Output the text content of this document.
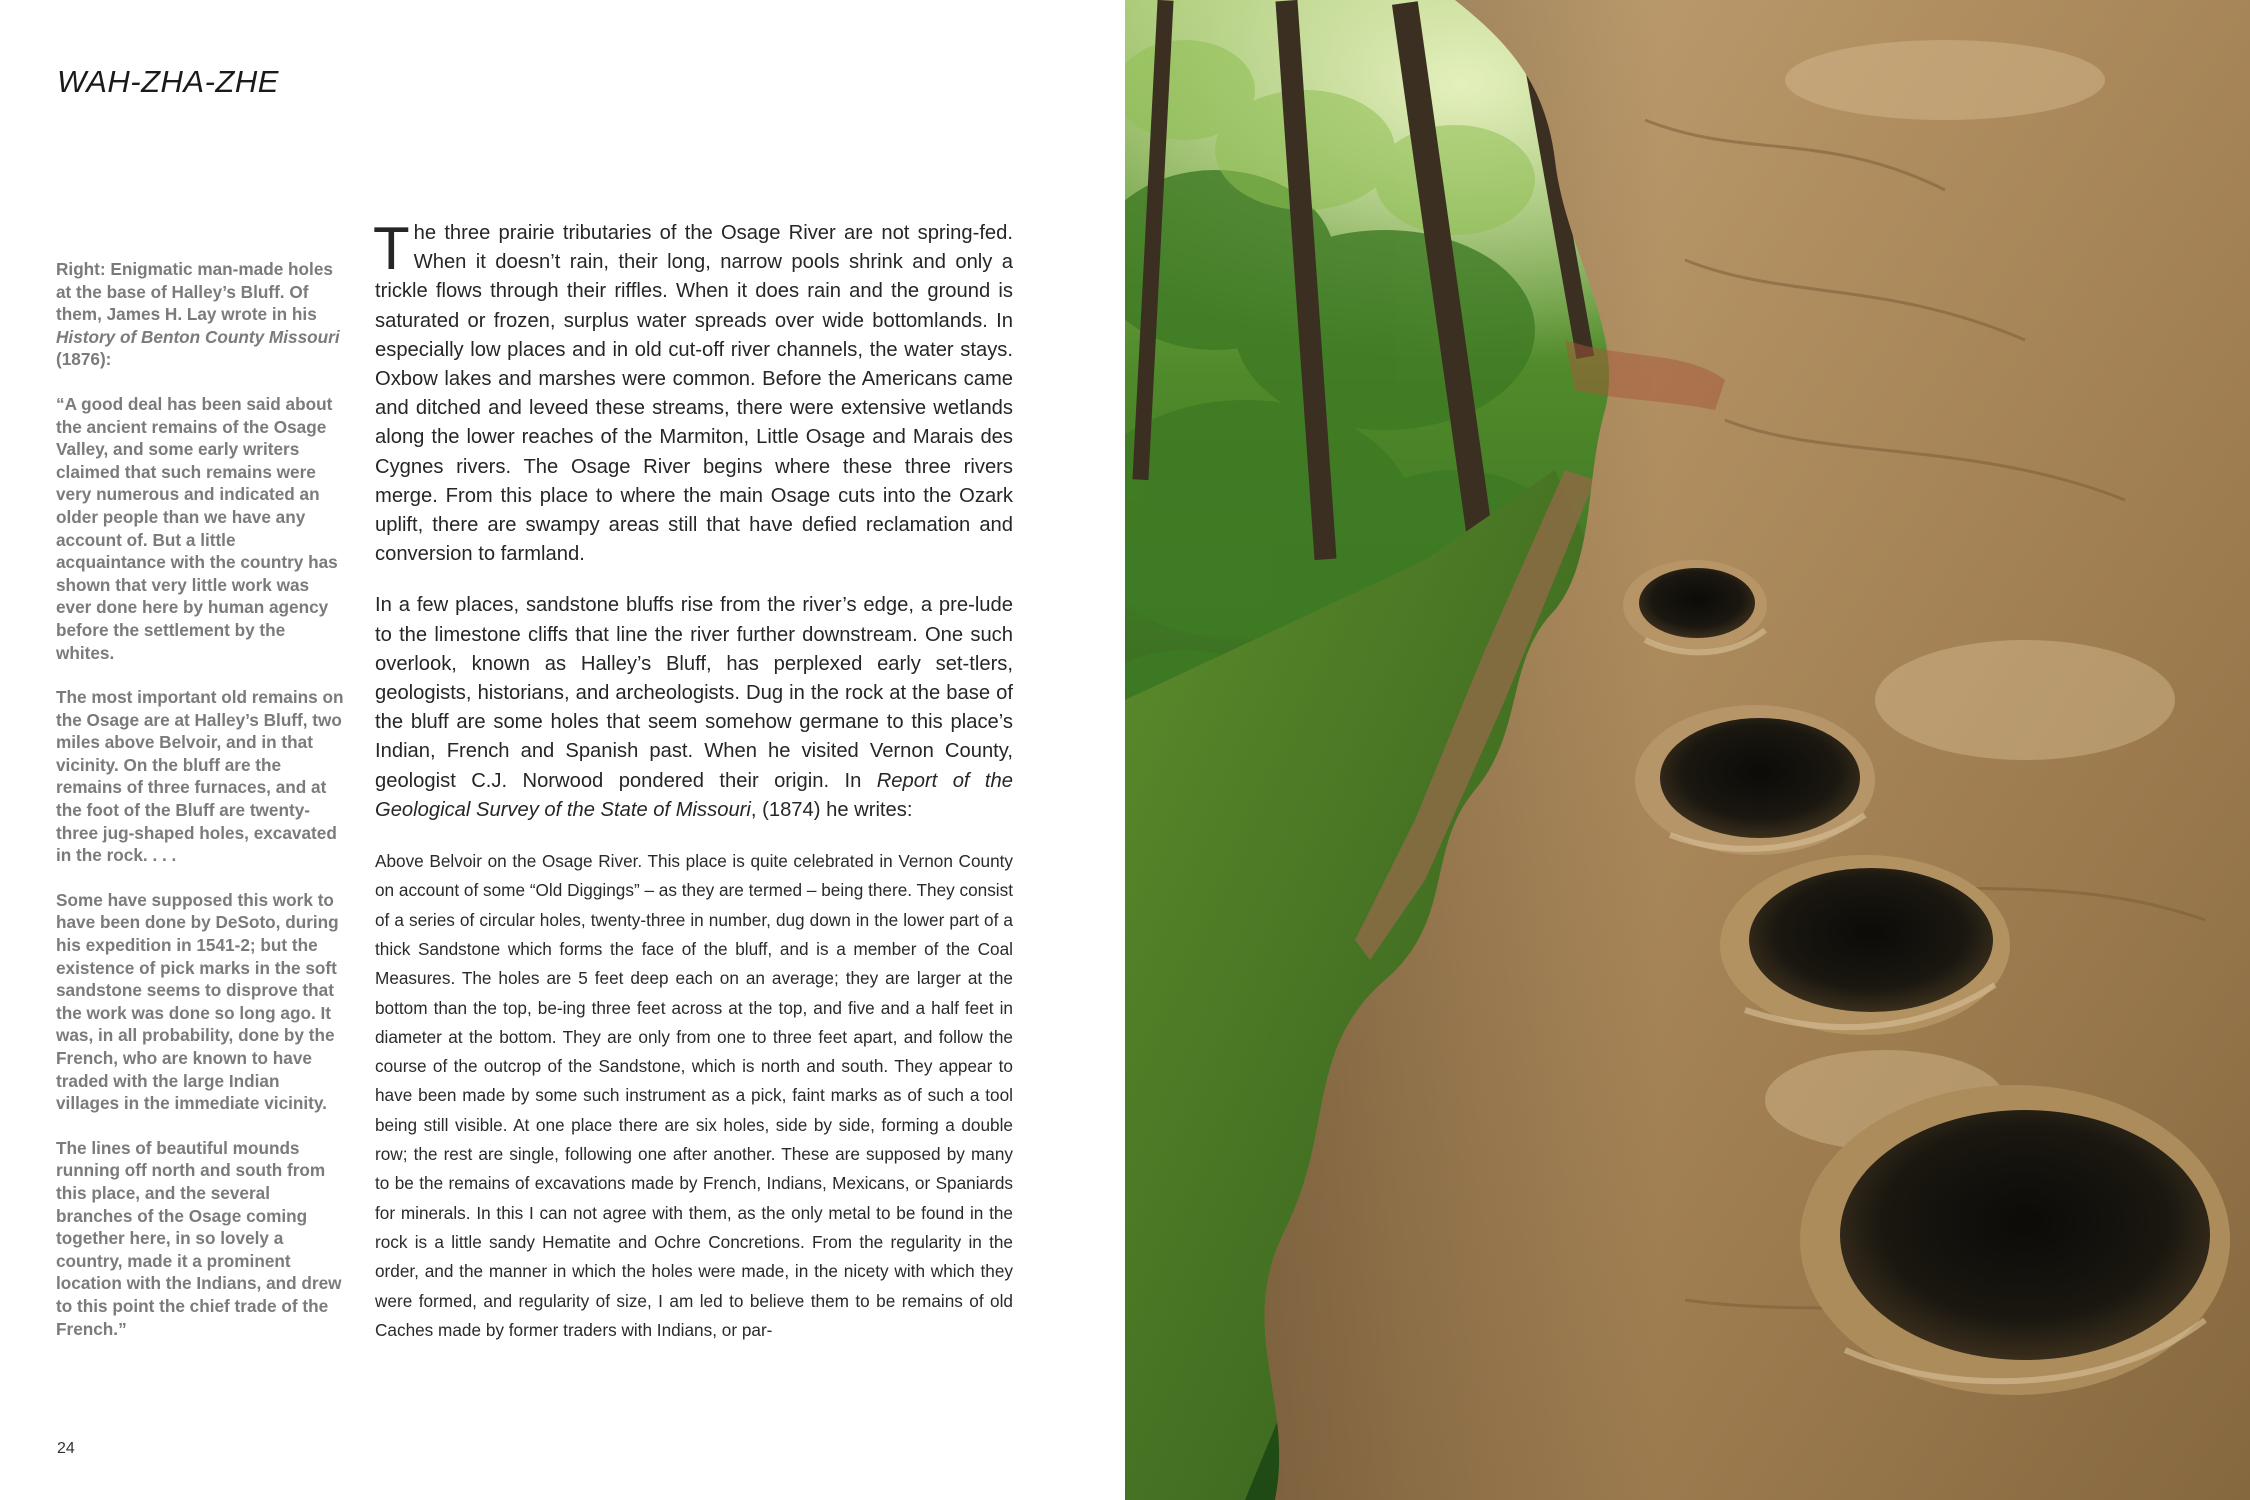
WAH-ZHA-ZHE

Right: Enigmatic man-made holes at the base of Halley’s Bluff. Of them, James H. Lay wrote in his History of Benton County Missouri (1876):

“A good deal has been said about the ancient remains of the Osage Valley, and some early writers claimed that such remains were very numerous and indicated an older people than we have any account of. But a little acquaintance with the country has shown that very little work was ever done here by human agency before the settlement by the whites.

The most important old remains on the Osage are at Halley’s Bluff, two miles above Belvoir, and in that vicinity. On the bluff are the remains of three furnaces, and at the foot of the Bluff are twenty-three jug-shaped holes, excavated in the rock. . . .

Some have supposed this work to have been done by DeSoto, during his expedition in 1541-2; but the existence of pick marks in the soft sandstone seems to disprove that the work was done so long ago. It was, in all probability, done by the French, who are known to have traded with the large Indian villages in the immediate vicinity.

The lines of beautiful mounds running off north and south from this place, and the several branches of the Osage coming together here, in so lovely a country, made it a prominent location with the Indians, and drew to this point the chief trade of the French.”

The three prairie tributaries of the Osage River are not spring-fed. When it doesn’t rain, their long, narrow pools shrink and only a trickle flows through their riffles. When it does rain and the ground is saturated or frozen, surplus water spreads over wide bottomlands. In especially low places and in old cut-off river channels, the water stays. Oxbow lakes and marshes were common. Before the Americans came and ditched and leveed these streams, there were extensive wetlands along the lower reaches of the Marmiton, Little Osage and Marais des Cygnes rivers. The Osage River begins where these three rivers merge. From this place to where the main Osage cuts into the Ozark uplift, there are swampy areas still that have defied reclamation and conversion to farmland.

In a few places, sandstone bluffs rise from the river’s edge, a pre-lude to the limestone cliffs that line the river further downstream. One such overlook, known as Halley’s Bluff, has perplexed early set-tlers, geologists, historians, and archeologists. Dug in the rock at the base of the bluff are some holes that seem somehow germane to this place’s Indian, French and Spanish past. When he visited Vernon County, geologist C.J. Norwood pondered their origin. In Report of the Geological Survey of the State of Missouri, (1874) he writes:

Above Belvoir on the Osage River. This place is quite celebrated in Vernon County on account of some “Old Diggings” – as they are termed – being there. They consist of a series of circular holes, twenty-three in number, dug down in the lower part of a thick Sandstone which forms the face of the bluff, and is a member of the Coal Measures. The holes are 5 feet deep each on an average; they are larger at the bottom than the top, be-ing three feet across at the top, and five and a half feet in diameter at the bottom. They are only from one to three feet apart, and follow the course of the outcrop of the Sandstone, which is north and south. They appear to have been made by some such instrument as a pick, faint marks as of such a tool being still visible. At one place there are six holes, side by side, forming a double row; the rest are single, following one after another. These are supposed by many to be the remains of excavations made by French, Indians, Mexicans, or Spaniards for minerals. In this I can not agree with them, as the only metal to be found in the rock is a little sandy Hematite and Ochre Concretions. From the regularity in the order, and the manner in which the holes were made, in the nicety with which they were formed, and regularity of size, I am led to believe them to be remains of old Caches made by former traders with Indians, or par-

24
